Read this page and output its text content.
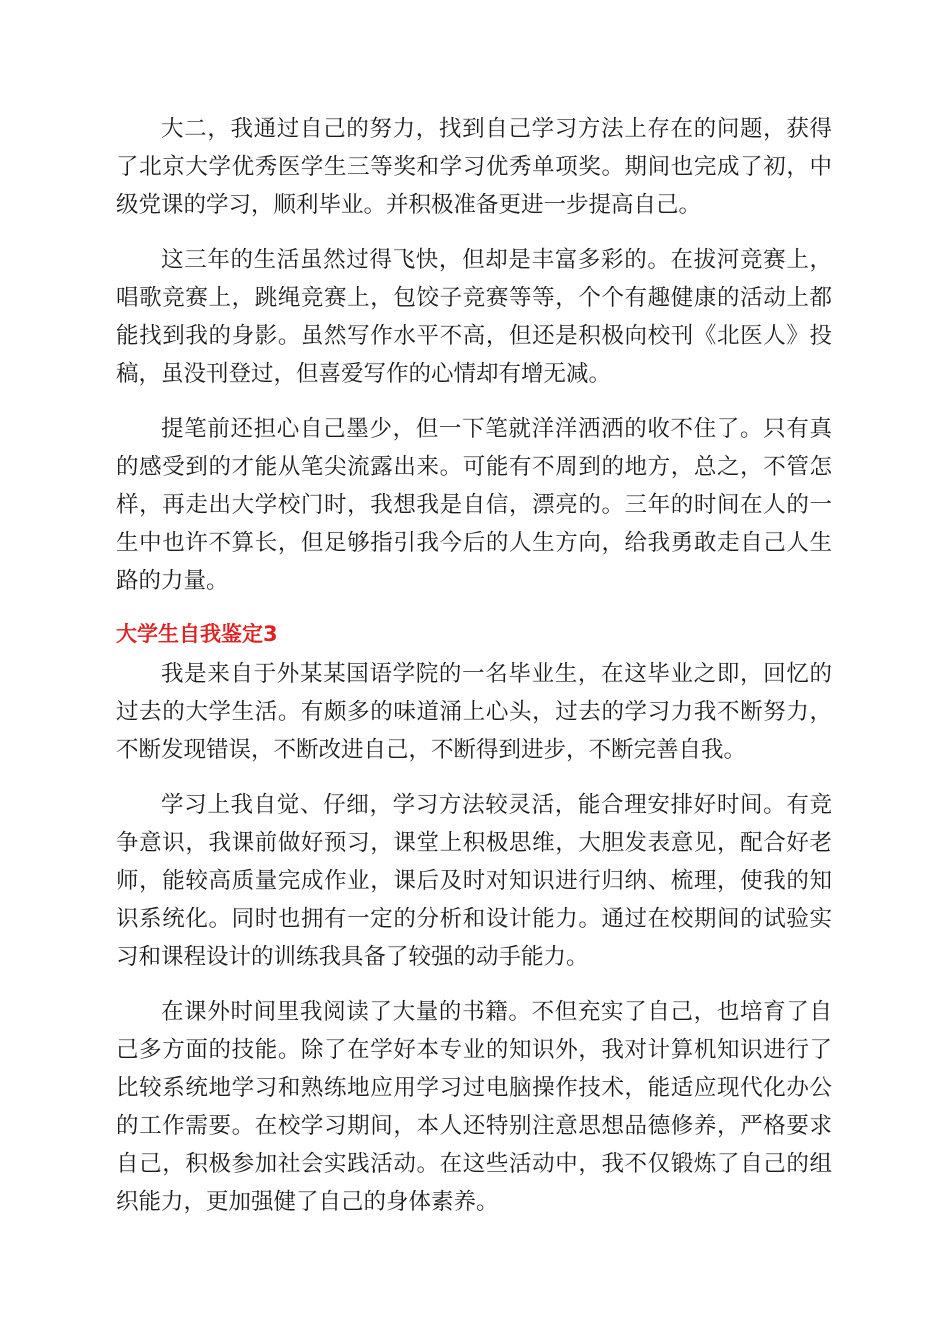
大二，我通过自己的努力，找到自己学习方法上存在的问题，获得了北京大学优秀医学生三等奖和学习优秀单项奖。期间也完成了初，中级党课的学习，顺利毕业。并积极准备更进一步提高自己。

这三年的生活虽然过得飞快，但却是丰富多彩的。在拔河竞赛上，唱歌竞赛上，跳绳竞赛上，包饺子竞赛等等，个个有趣健康的活动上都能找到我的身影。虽然写作水平不高，但还是积极向校刊《北医人》投稿，虽没刊登过，但喜爱写作的心情却有增无减。

提笔前还担心自己墨少，但一下笔就洋洋洒洒的收不住了。只有真的感受到的才能从笔尖流露出来。可能有不周到的地方，总之，不管怎样，再走出大学校门时，我想我是自信，漂亮的。三年的时间在人的一生中也许不算长，但足够指引我今后的人生方向，给我勇敢走自己人生路的力量。

大学生自我鉴定3

我是来自于外某某国语学院的一名毕业生，在这毕业之即，回忆的过去的大学生活。有颇多的味道涌上心头，过去的学习力我不断努力，不断发现错误，不断改进自己，不断得到进步，不断完善自我。

学习上我自觉、仔细，学习方法较灵活，能合理安排好时间。有竞争意识，我课前做好预习，课堂上积极思维，大胆发表意见，配合好老师，能较高质量完成作业，课后及时对知识进行归纳、梳理，使我的知识系统化。同时也拥有一定的分析和设计能力。通过在校期间的试验实习和课程设计的训练我具备了较强的动手能力。

在课外时间里我阅读了大量的书籍。不但充实了自己，也培育了自己多方面的技能。除了在学好本专业的知识外，我对计算机知识进行了比较系统地学习和熟练地应用学习过电脑操作技术，能适应现代化办公的工作需要。在校学习期间，本人还特别注意思想品德修养，严格要求自己，积极参加社会实践活动。在这些活动中，我不仅锻炼了自己的组织能力，更加强健了自己的身体素养。
